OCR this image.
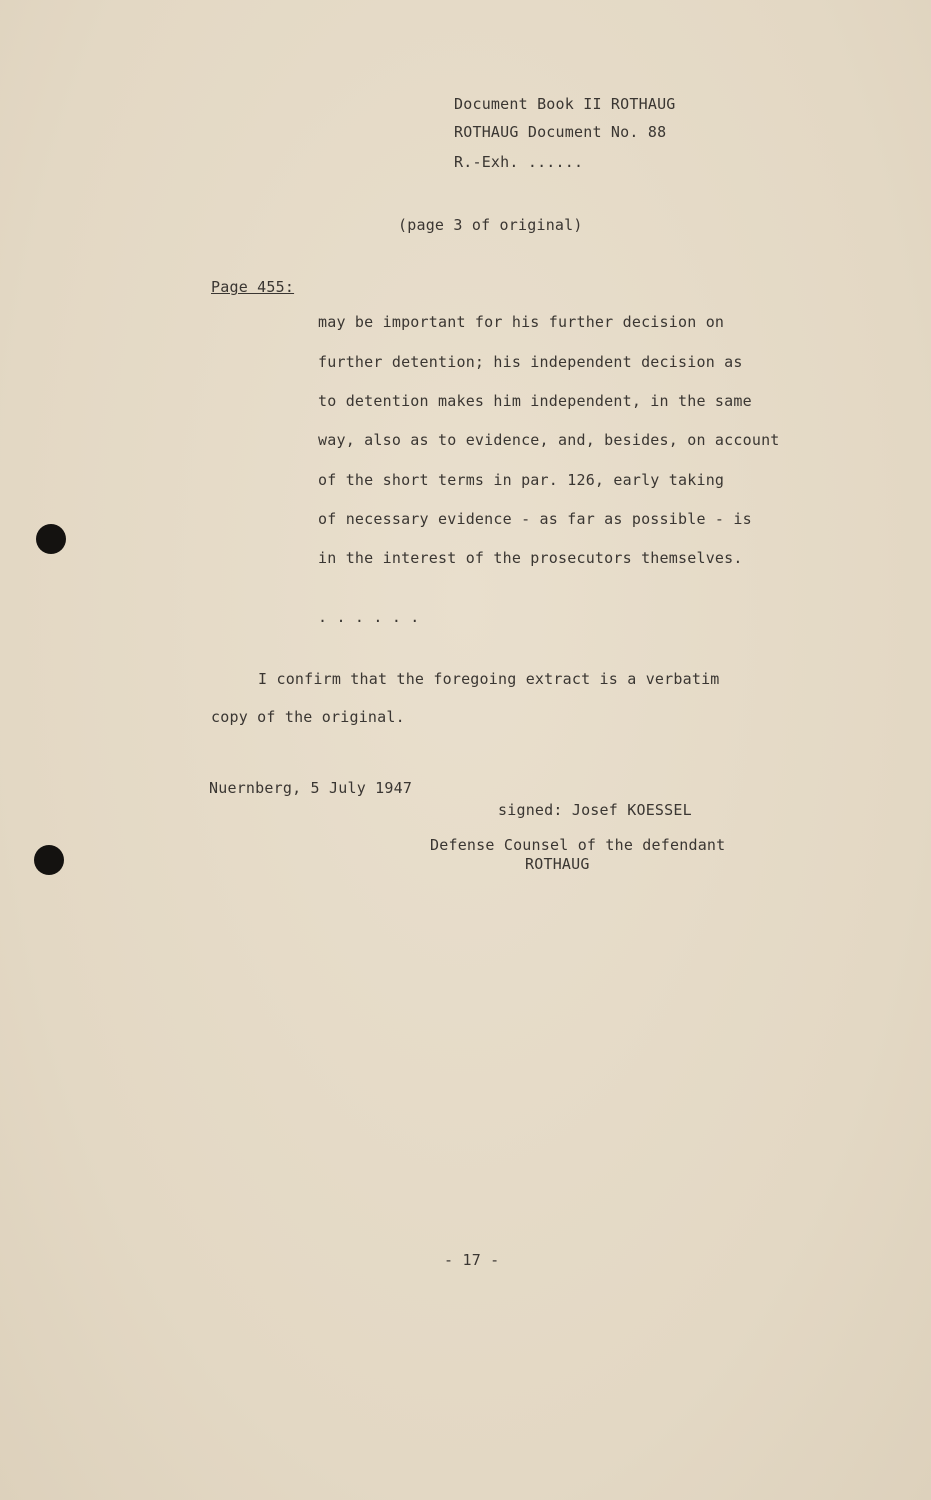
Document Book II ROTHAUG
ROTHAUG Document No. 88
R.-Exh. ......
(page 3 of original)
Page 455:
may be important for his further decision on
further detention; his independent decision as
to detention makes him independent, in the same
way, also as to evidence, and, besides, on account
of the short terms in par. 126, early taking
of necessary evidence - as far as possible - is
in the interest of the prosecutors themselves.
. . . . . .
I confirm that the foregoing extract is a verbatim
copy of the original.
Nuernberg, 5 July 1947
signed: Josef KOESSEL
Defense Counsel of the defendant
ROTHAUG
- 17 -
